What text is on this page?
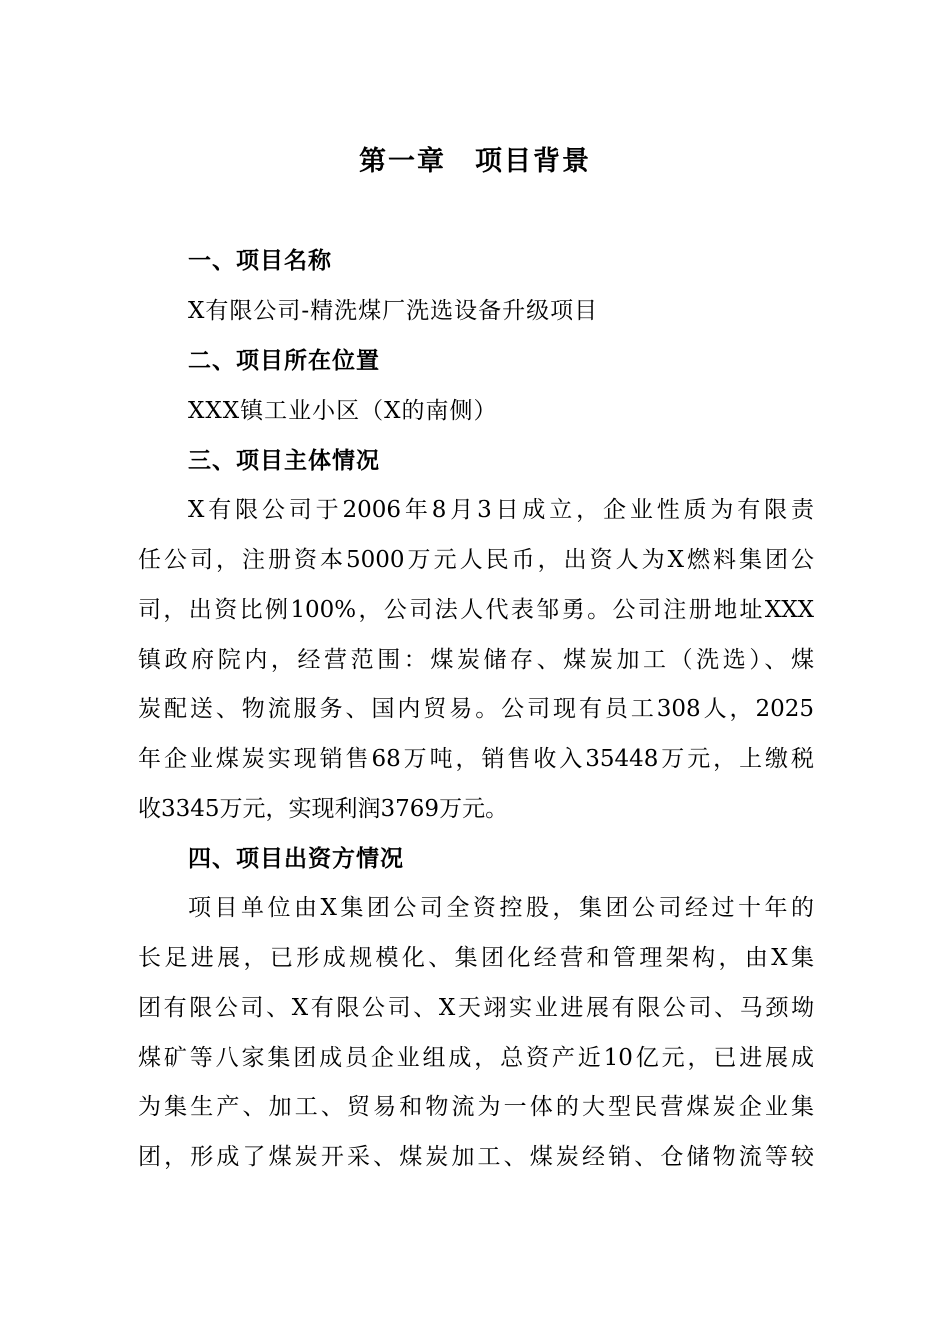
第一章　项目背景
一、项目名称
X有限公司-精洗煤厂洗选设备升级项目
二、项目所在位置
XXX镇工业小区（X的南侧）
三、项目主体情况
X有限公司于2006年8月3日成立，企业性质为有限责
任公司，注册资本5000万元人民币，出资人为X燃料集团公
司，出资比例100%，公司法人代表邹勇。公司注册地址XXX
镇政府院内，经营范围：煤炭储存、煤炭加工（洗选）、煤
炭配送、物流服务、国内贸易。公司现有员工308人，2025
年企业煤炭实现销售68万吨，销售收入35448万元，上缴税
收3345万元，实现利润3769万元。
四、项目出资方情况
项目单位由X集团公司全资控股，集团公司经过十年的
长足进展，已形成规模化、集团化经营和管理架构，由X集
团有限公司、X有限公司、X天翊实业进展有限公司、马颈坳
煤矿等八家集团成员企业组成，总资产近10亿元，已进展成
为集生产、加工、贸易和物流为一体的大型民营煤炭企业集
团，形成了煤炭开采、煤炭加工、煤炭经销、仓储物流等较
